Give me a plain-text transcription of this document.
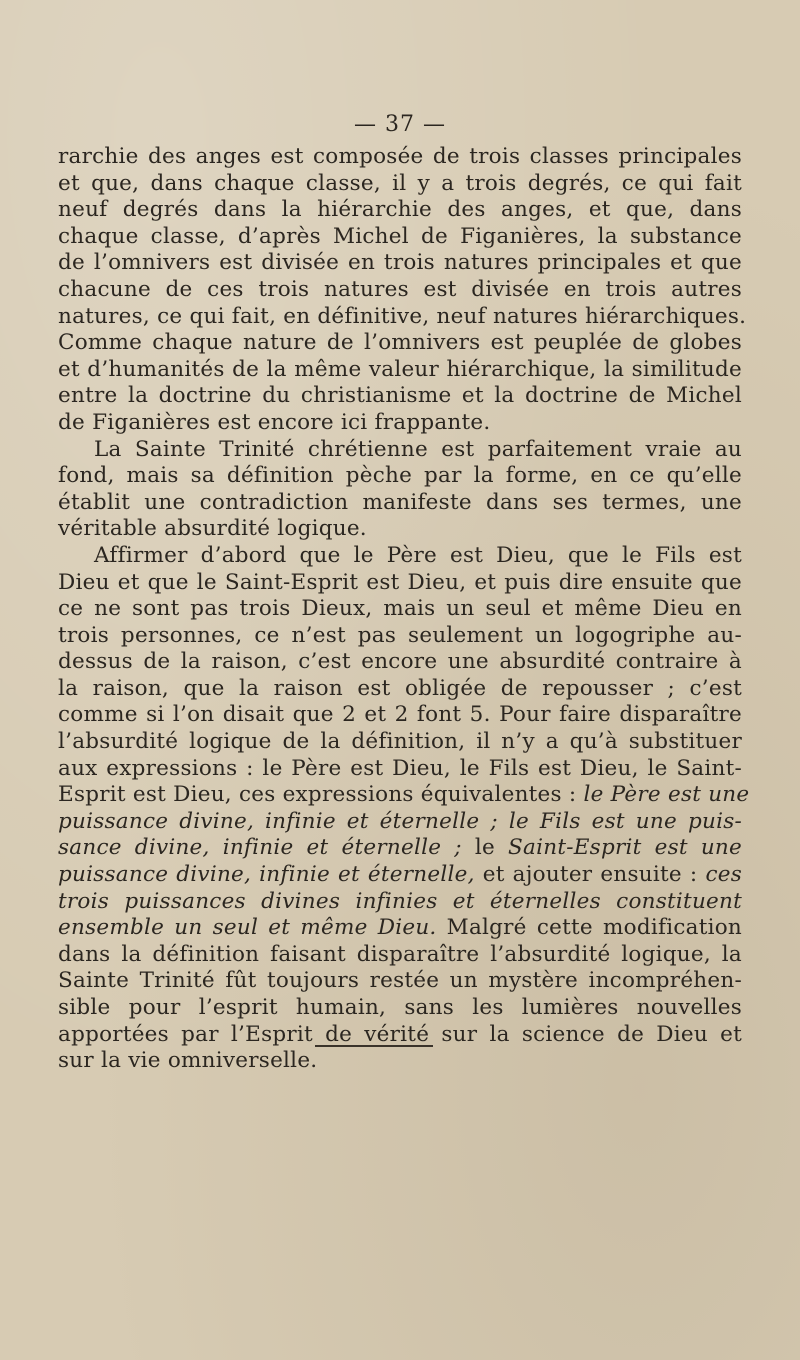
— 37 —
rarchie des anges est composée de trois classes principales
et que, dans chaque classe, il y a trois degrés, ce qui fait
neuf degrés dans la hiérarchie des anges, et que, dans
chaque classe, d’après Michel de Figanières, la substance
de l’omnivers est divisée en trois natures principales et que
chacune de ces trois natures est divisée en trois autres
natures, ce qui fait, en définitive, neuf natures hiérarchiques.
Comme chaque nature de l’omnivers est peuplée de globes
et d’humanités de la même valeur hiérarchique, la similitude
entre la doctrine du christianisme et la doctrine de Michel
de Figanières est encore ici frappante.
La Sainte Trinité chrétienne est parfaitement vraie au
fond, mais sa définition pèche par la forme, en ce qu’elle
établit une contradiction manifeste dans ses termes, une
véritable absurdité logique.
Affirmer d’abord que le Père est Dieu, que le Fils est
Dieu et que le Saint-Esprit est Dieu, et puis dire ensuite que
ce ne sont pas trois Dieux, mais un seul et même Dieu en
trois personnes, ce n’est pas seulement un logogriphe au-
dessus de la raison, c’est encore une absurdité contraire à
la raison, que la raison est obligée de repousser ; c’est
comme si l’on disait que 2 et 2 font 5. Pour faire disparaître
l’absurdité logique de la définition, il n’y a qu’à substituer
aux expressions : le Père est Dieu, le Fils est Dieu, le Saint-
Esprit est Dieu, ces expressions équivalentes : le Père est une
puissance divine, infinie et éternelle ; le Fils est une puis-
sance divine, infinie et éternelle ; le Saint-Esprit est une
puissance divine, infinie et éternelle, et ajouter ensuite : ces
trois puissances divines infinies et éternelles constituent
ensemble un seul et même Dieu. Malgré cette modification
dans la définition faisant disparaître l’absurdité logique, la
Sainte Trinité fût toujours restée un mystère incompréhen-
sible pour l’esprit humain, sans les lumières nouvelles
apportées par l’Esprit de vérité sur la science de Dieu et
sur la vie omniverselle.
